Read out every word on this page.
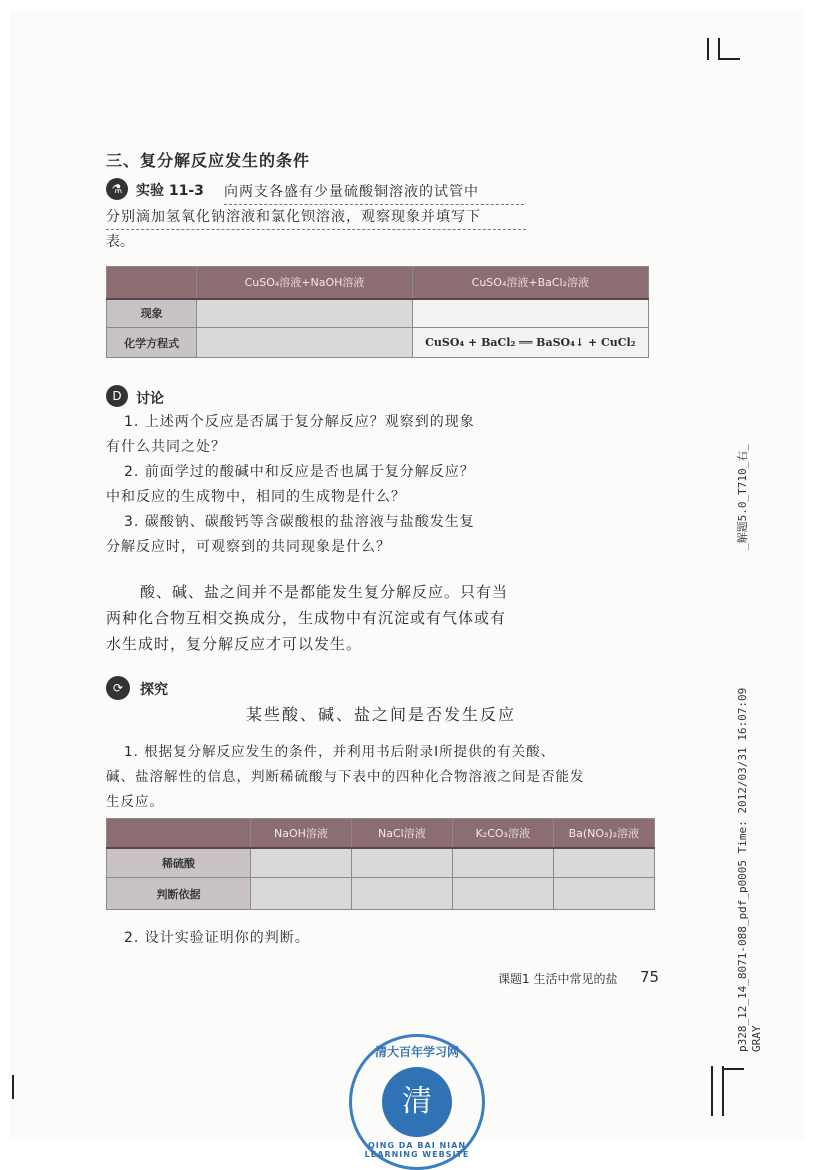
三、复分解反应发生的条件
⚗ 实验 11-3 向两支各盛有少量硫酸铜溶液的试管中
分别滴加氢氧化钠溶液和氯化钡溶液，观察现象并填写下
表。
	CuSO₄溶液+NaOH溶液	CuSO₄溶液+BaCl₂溶液
现象		
化学方程式		CuSO₄ + BaCl₂ ══ BaSO₄↓ + CuCl₂
D	讨论
1. 上述两个反应是否属于复分解反应？观察到的现象
有什么共同之处？
2. 前面学过的酸碱中和反应是否也属于复分解反应？
中和反应的生成物中，相同的生成物是什么？
3. 碳酸钠、碳酸钙等含碳酸根的盐溶液与盐酸发生复
分解反应时，可观察到的共同现象是什么？
酸、碱、盐之间并不是都能发生复分解反应。只有当
两种化合物互相交换成分，生成物中有沉淀或有气体或有
水生成时，复分解反应才可以发生。
⟳	探究
某些酸、碱、盐之间是否发生反应
1. 根据复分解反应发生的条件，并利用书后附录Ⅰ所提供的有关酸、
碱、盐溶解性的信息，判断稀硫酸与下表中的四种化合物溶液之间是否能发
生反应。
	NaOH溶液	NaCl溶液	K₂CO₃溶液	Ba(NO₃)₂溶液
稀硫酸				
判断依据				
2. 设计实验证明你的判断。
课题1 生活中常见的盐 75
_解题5.0_T710_右_
p328_12_14_8071-088_pdf_p0005 Time: 2012/03/31 16:07:09 GRAY
清大百年学习网
清
QING DA BAI NIAN LEARNING WEBSITE
